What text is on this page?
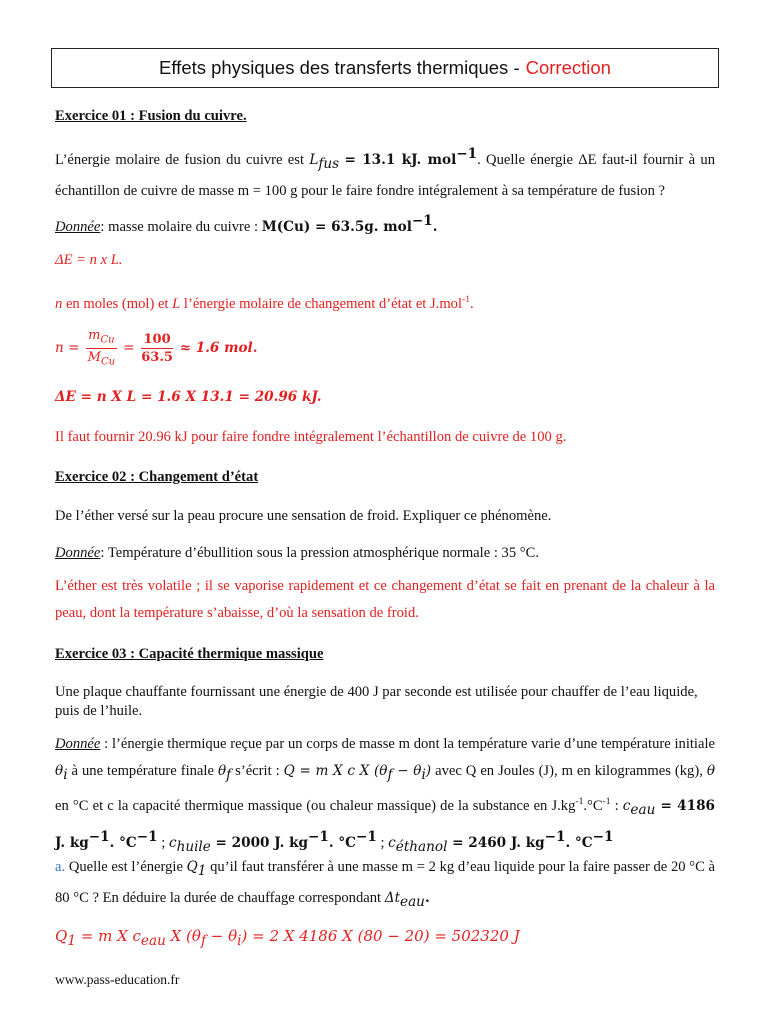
Effets physiques des transferts thermiques - Correction
Exercice 01 : Fusion du cuivre.
L’énergie molaire de fusion du cuivre est $L_{fus} = 13.1$ kJ. mol$^{-1}$. Quelle énergie ΔE faut-il fournir à un échantillon de cuivre de masse m = 100 g pour le faire fondre intégralement à sa température de fusion ?
Donnée: masse molaire du cuivre : M(Cu) = 63.5g. mol$^{-1}$.
ΔE = n x L.
n en moles (mol) et L l’énergie molaire de changement d’état et J.mol$^{-1}$.
$n = \frac{m_{Cu}}{M_{Cu}} = \frac{100}{63.5} \approx 1.6$ mol.
ΔE = n X L = 1.6 X 13.1 = 20.96 kJ.
Il faut fournir 20.96 kJ pour faire fondre intégralement l’échantillon de cuivre de 100 g.
Exercice 02 : Changement d’état
De l’éther versé sur la peau procure une sensation de froid. Expliquer ce phénomène.
Donnée: Température d’ébullition sous la pression atmosphérique normale : 35 °C.
L’éther est très volatile ; il se vaporise rapidement et ce changement d’état se fait en prenant de la chaleur à la peau, dont la température s’abaisse, d’où la sensation de froid.
Exercice 03 : Capacité thermique massique
Une plaque chauffante fournissant une énergie de 400 J par seconde est utilisée pour chauffer de l’eau liquide, puis de l’huile.
Donnée : l’énergie thermique reçue par un corps de masse m dont la température varie d’une température initiale $\theta_i$ à une température finale $\theta_f$ s’écrit : Q = m X c X $(\theta_f - \theta_i)$ avec Q en Joules (J), m en kilogrammes (kg), θ en °C et c la capacité thermique massique (ou chaleur massique) de la substance en $J.kg^{-1}.^\circ C^{-1}$ : $c_{eau} = 4186$ J. $kg^{-1}$. $^\circ C^{-1}$ ; $c_{huile} = 2000$ J. $kg^{-1}$. $^\circ C^{-1}$ ; $c_{éthanol} = 2460$ J. $kg^{-1}$. $^\circ C^{-1}$
a. Quelle est l’énergie $Q_1$ qu’il faut transférer à une masse m = 2 kg d’eau liquide pour la faire passer de 20 °C à 80 °C ? En déduire la durée de chauffage correspondant $\Delta t_{eau}$.
$Q_1 = m$ X $c_{eau}$ X $(\theta_f - \theta_i) = 2$ X 4186 X (80 − 20) = 502320 J
www.pass-education.fr
